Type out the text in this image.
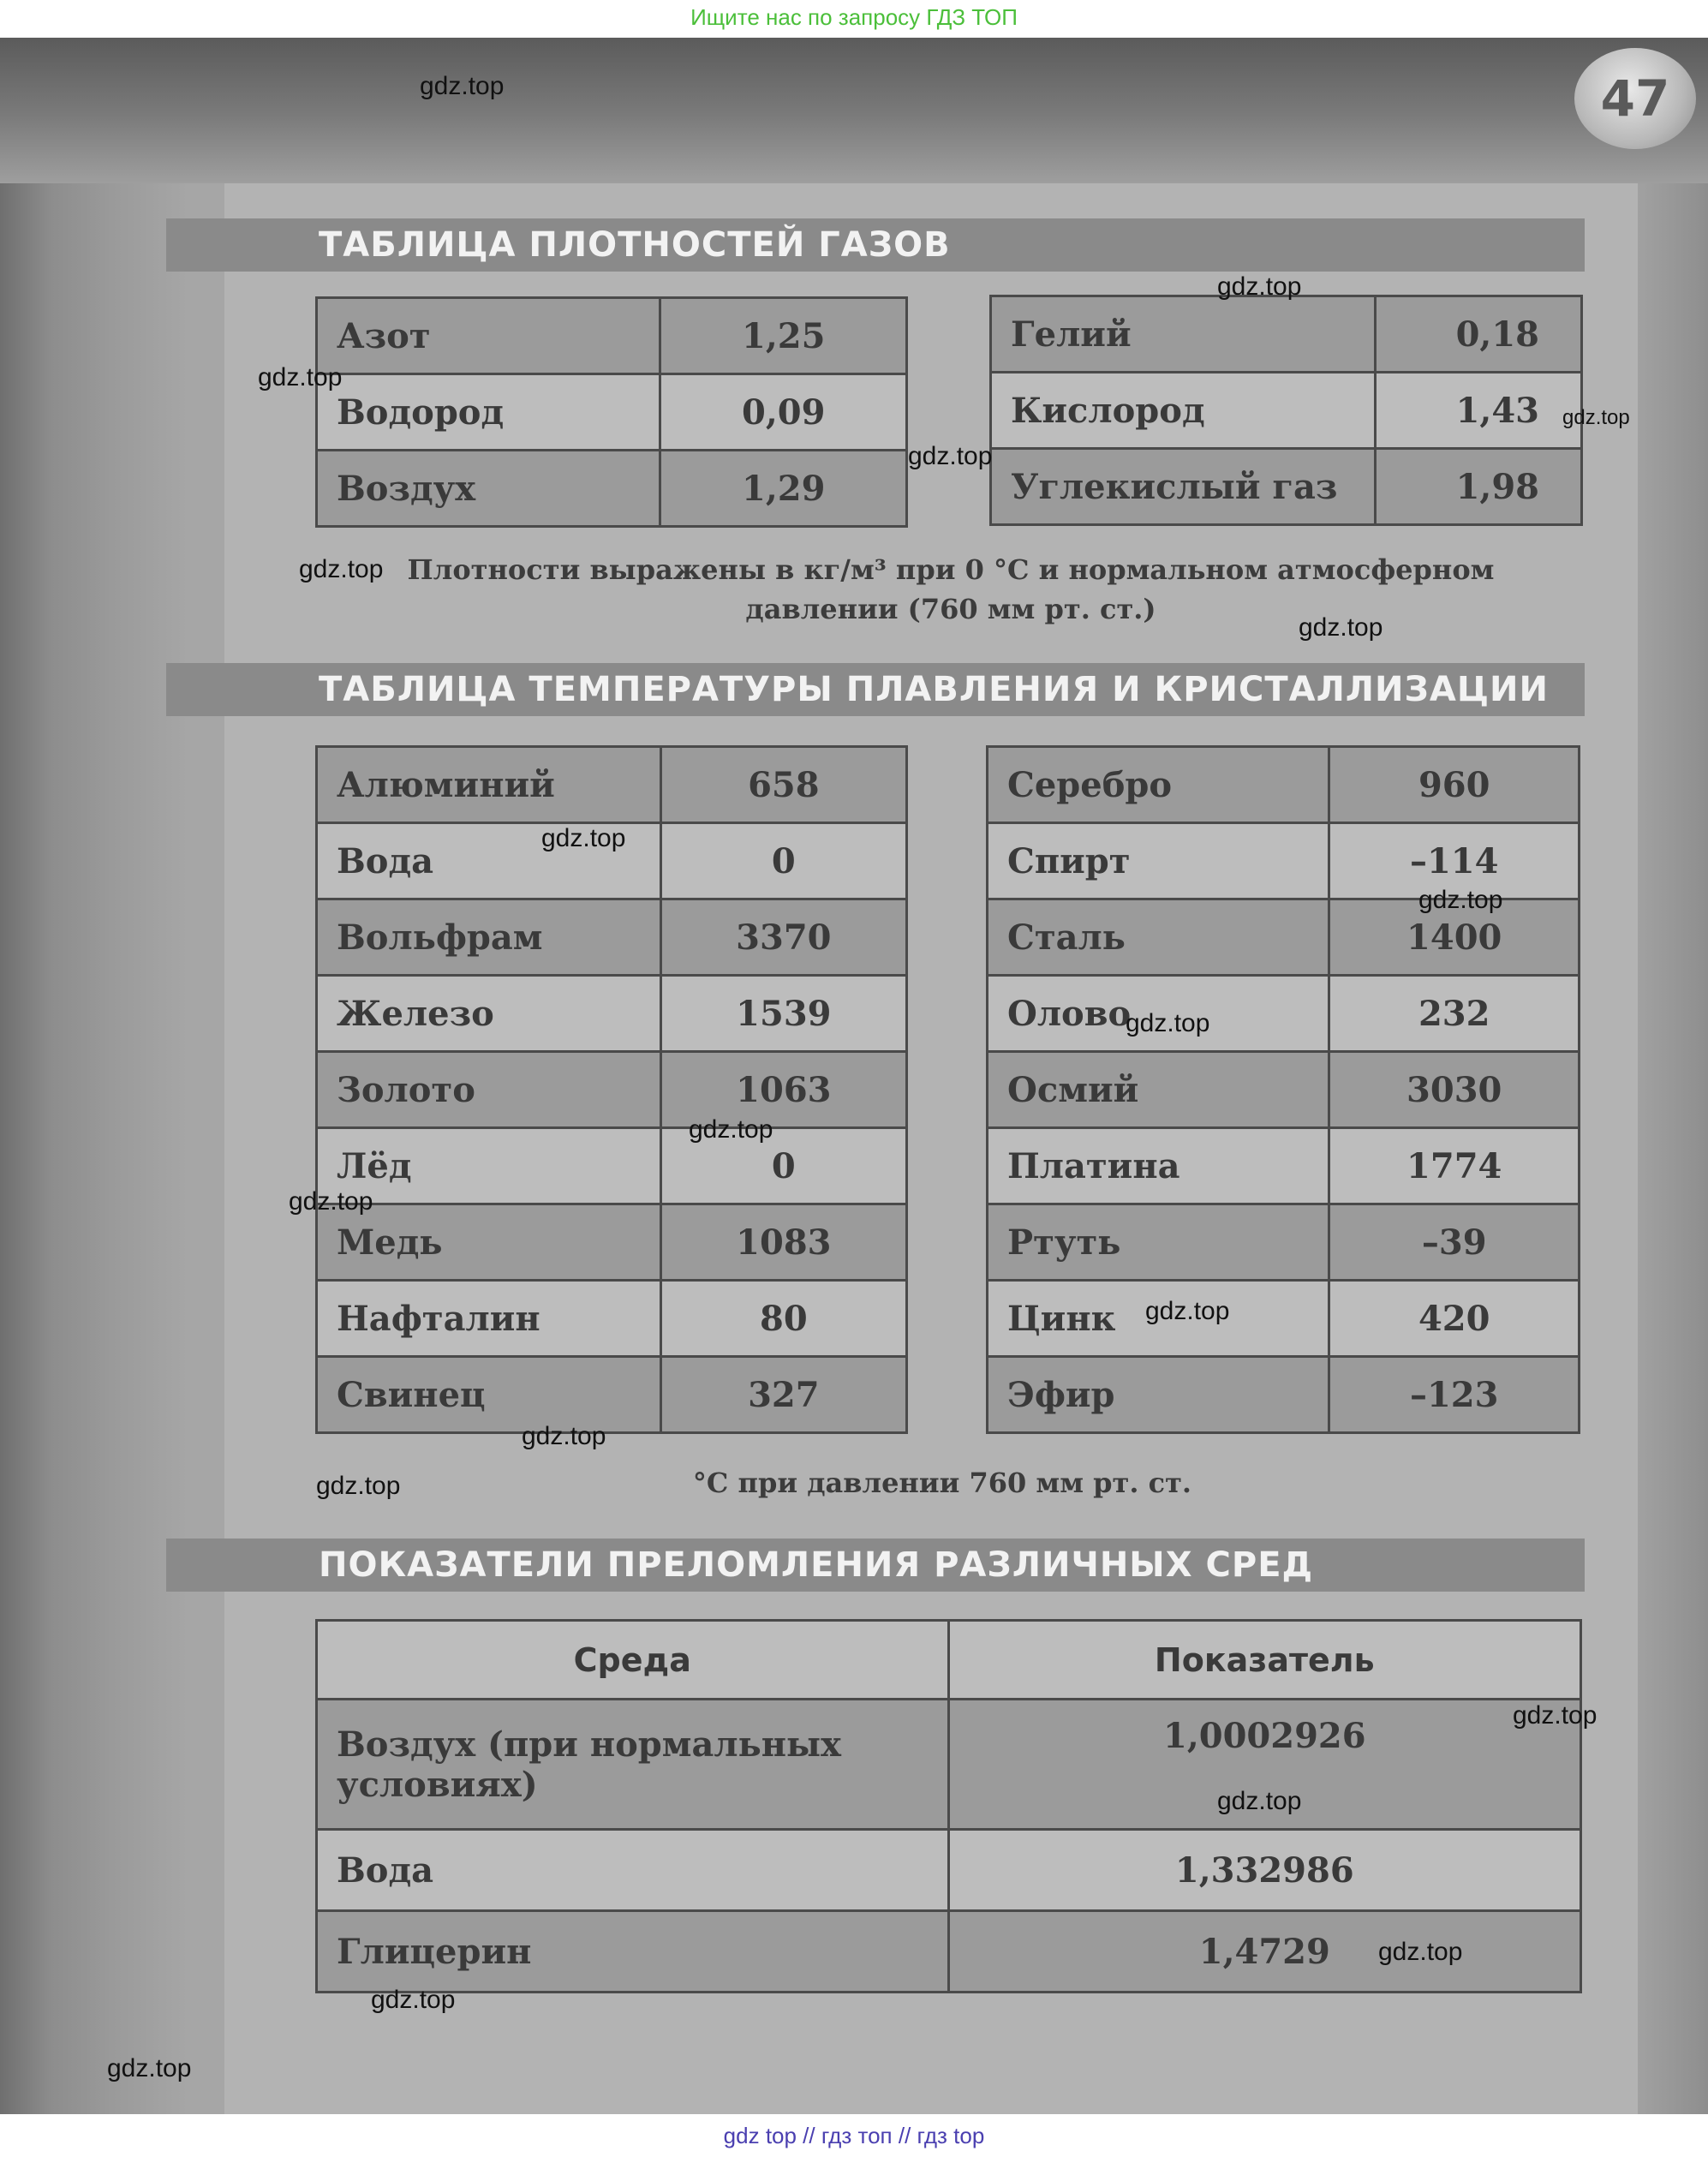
Ищите нас по запросу ГДЗ ТОП
47
ТАБЛИЦА ПЛОТНОСТЕЙ ГАЗОВ
Азот	1,25
Водород	0,09
Воздух	1,29
Гелий	0,18
Кислород	1,43
Углекислый газ	1,98
Плотности выражены в кг/м³ при 0 °С и нормальном атмосферном
давлении (760 мм рт. ст.)
ТАБЛИЦА ТЕМПЕРАТУРЫ ПЛАВЛЕНИЯ И КРИСТАЛЛИЗАЦИИ
Алюминий	658
Вода	0
Вольфрам	3370
Железо	1539
Золото	1063
Лёд	0
Медь	1083
Нафталин	80
Свинец	327
Серебро	960
Спирт	–114
Сталь	1400
Олово	232
Осмий	3030
Платина	1774
Ртуть	–39
Цинк	420
Эфир	–123
°С при давлении 760 мм рт. ст.
ПОКАЗАТЕЛИ ПРЕЛОМЛЕНИЯ РАЗЛИЧНЫХ СРЕД
Среда	Показатель

Воздух (при нормальных
условиях)	1,0002926
Вода	1,332986
Глицерин	1,4729
gdz.top
gdz.top
gdz.top
gdz.top
gdz.top
gdz.top
gdz.top
gdz.top
gdz.top
gdz.top
gdz.top
gdz.top
gdz.top
gdz.top
gdz.top
gdz.top
gdz.top
gdz.top
gdz.top
gdz.top
gdz top // гдз топ // гдз top
